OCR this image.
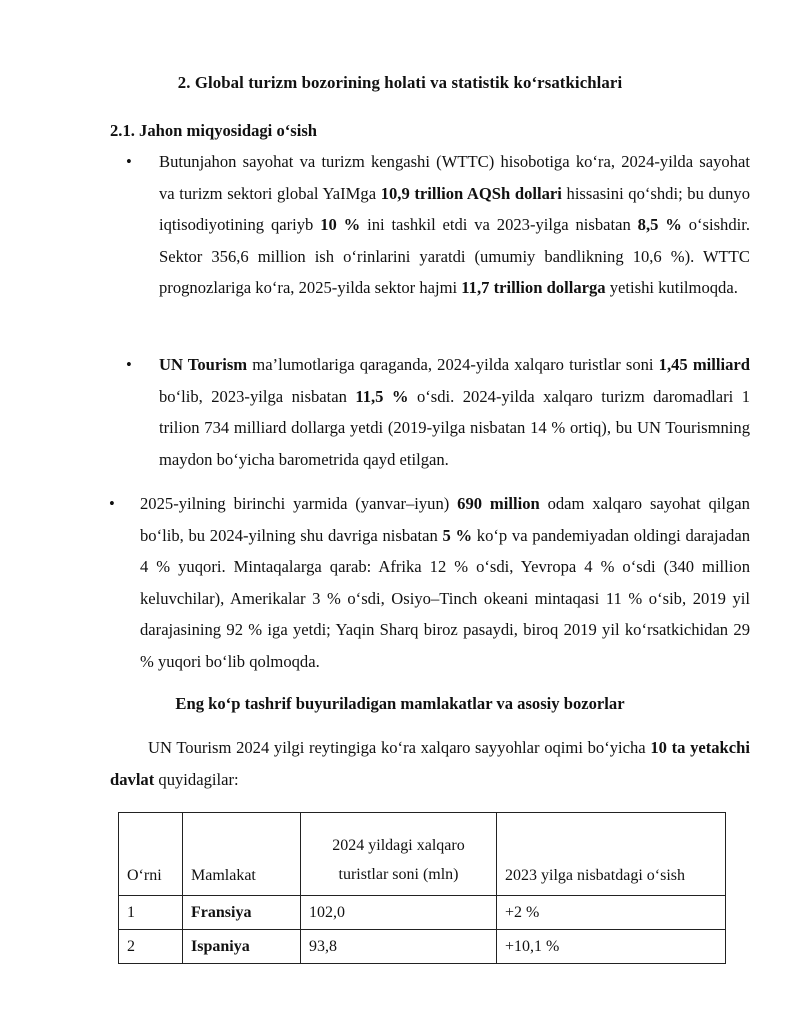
2. Global turizm bozorining holati va statistik ko‘rsatkichlari
2.1. Jahon miqyosidagi o‘sish
• Butunjahon sayohat va turizm kengashi (WTTC) hisobotiga ko‘ra, 2024-yilda sayohat va turizm sektori global YaIMga 10,9 trillion AQSh dollari hissasini qo‘shdi; bu dunyo iqtisodiyotining qariyb 10 % ini tashkil etdi va 2023-yilga nisbatan 8,5 % o‘sishdir. Sektor 356,6 million ish o‘rinlarini yaratdi (umumiy bandlikning 10,6 %). WTTC prognozlariga ko‘ra, 2025-yilda sektor hajmi 11,7 trillion dollarga yetishi kutilmoqda.
• UN Tourism ma’lumotlariga qaraganda, 2024-yilda xalqaro turistlar soni 1,45 milliard bo‘lib, 2023-yilga nisbatan 11,5 % o‘sdi. 2024-yilda xalqaro turizm daromadlari 1 trilion 734 milliard dollarga yetdi (2019-yilga nisbatan 14 % ortiq), bu UN Tourismning maydon bo‘yicha barometrida qayd etilgan.
• 2025-yilning birinchi yarmida (yanvar–iyun) 690 million odam xalqaro sayohat qilgan bo‘lib, bu 2024-yilning shu davriga nisbatan 5 % ko‘p va pandemiyadan oldingi darajadan 4 % yuqori. Mintaqalarga qarab: Afrika 12 % o‘sdi, Yevropa 4 % o‘sdi (340 million keluvchilar), Amerikalar 3 % o‘sdi, Osiyo–Tinch okeani mintaqasi 11 % o‘sib, 2019 yil darajasining 92 % iga yetdi; Yaqin Sharq biroz pasaydi, biroq 2019 yil ko‘rsatkichidan 29 % yuqori bo‘lib qolmoqda.
Eng ko‘p tashrif buyuriladigan mamlakatlar va asosiy bozorlar
UN Tourism 2024 yilgi reytingiga ko‘ra xalqaro sayyohlar oqimi bo‘yicha 10 ta yetakchi davlat quyidagilar:
O‘rni	Mamlakat	2024 yildagi xalqaro turistlar soni (mln)	2023 yilga nisbatdagi o‘sish
1	Fransiya	102,0	+2 %
2	Ispaniya	93,8	+10,1 %
